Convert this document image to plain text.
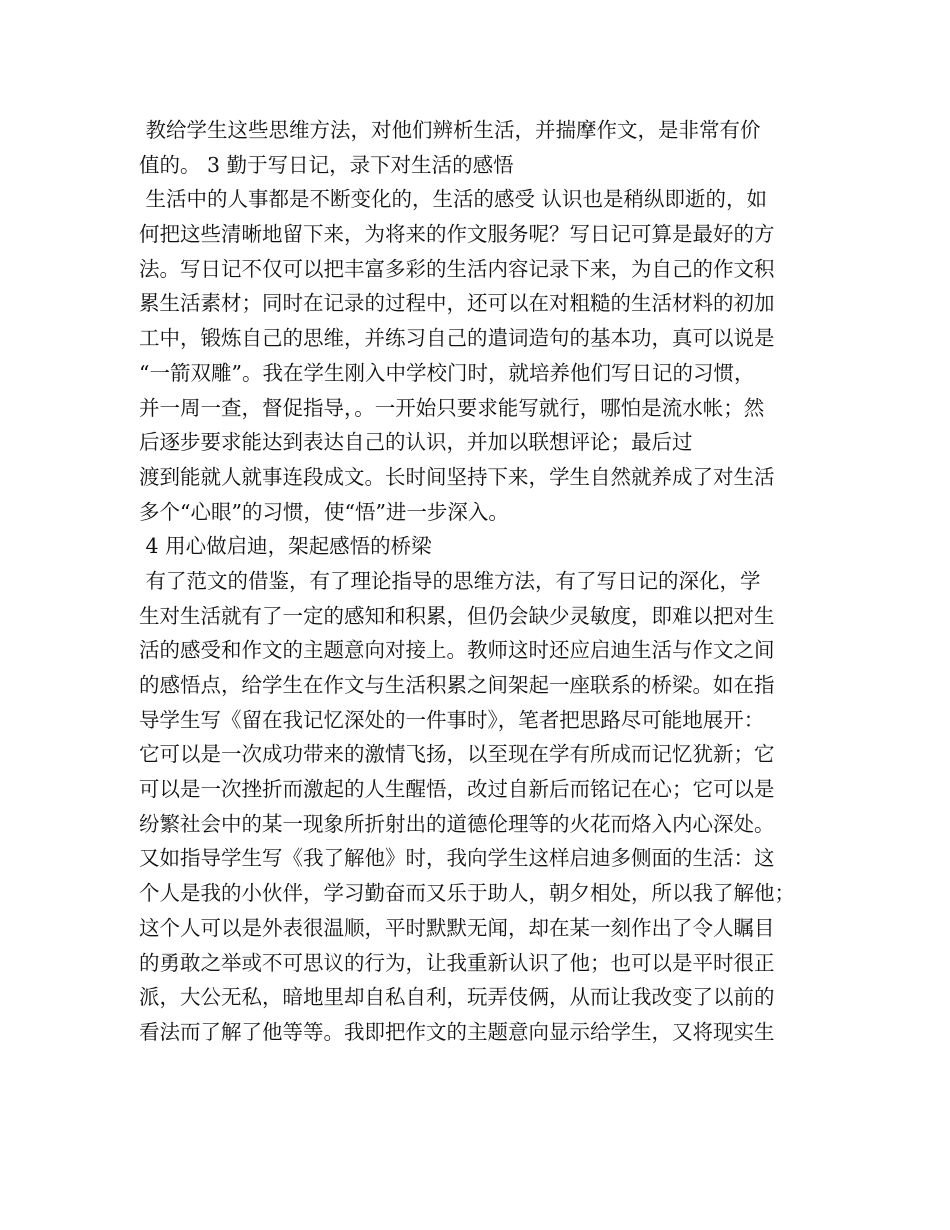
教给学生这些思维方法，对他们辨析生活，并揣摩作文，是非常有价
值的。 3 勤于写日记，录下对生活的感悟
生活中的人事都是不断变化的，生活的感受 认识也是稍纵即逝的，如
何把这些清晰地留下来，为将来的作文服务呢？写日记可算是最好的方
法。写日记不仅可以把丰富多彩的生活内容记录下来，为自己的作文积
累生活素材；同时在记录的过程中，还可以在对粗糙的生活材料的初加
工中，锻炼自己的思维，并练习自己的遣词造句的基本功，真可以说是
“一箭双雕”。我在学生刚入中学校门时，就培养他们写日记的习惯，
并一周一查，督促指导，。一开始只要求能写就行，哪怕是流水帐；然
后逐步要求能达到表达自己的认识，并加以联想评论；最后过
渡到能就人就事连段成文。长时间坚持下来，学生自然就养成了对生活
多个“心眼”的习惯，使“悟”进一步深入。
4 用心做启迪，架起感悟的桥梁
有了范文的借鉴，有了理论指导的思维方法，有了写日记的深化，学
生对生活就有了一定的感知和积累，但仍会缺少灵敏度，即难以把对生
活的感受和作文的主题意向对接上。教师这时还应启迪生活与作文之间
的感悟点，给学生在作文与生活积累之间架起一座联系的桥梁。如在指
导学生写《留在我记忆深处的一件事时》，笔者把思路尽可能地展开：
它可以是一次成功带来的激情飞扬，以至现在学有所成而记忆犹新；它
可以是一次挫折而激起的人生醒悟，改过自新后而铭记在心；它可以是
纷繁社会中的某一现象所折射出的道德伦理等的火花而烙入内心深处。
又如指导学生写《我了解他》时，我向学生这样启迪多侧面的生活：这
个人是我的小伙伴，学习勤奋而又乐于助人，朝夕相处，所以我了解他；
这个人可以是外表很温顺，平时默默无闻，却在某一刻作出了令人瞩目
的勇敢之举或不可思议的行为，让我重新认识了他；也可以是平时很正
派，大公无私，暗地里却自私自利，玩弄伎俩，从而让我改变了以前的
看法而了解了他等等。我即把作文的主题意向显示给学生，又将现实生
